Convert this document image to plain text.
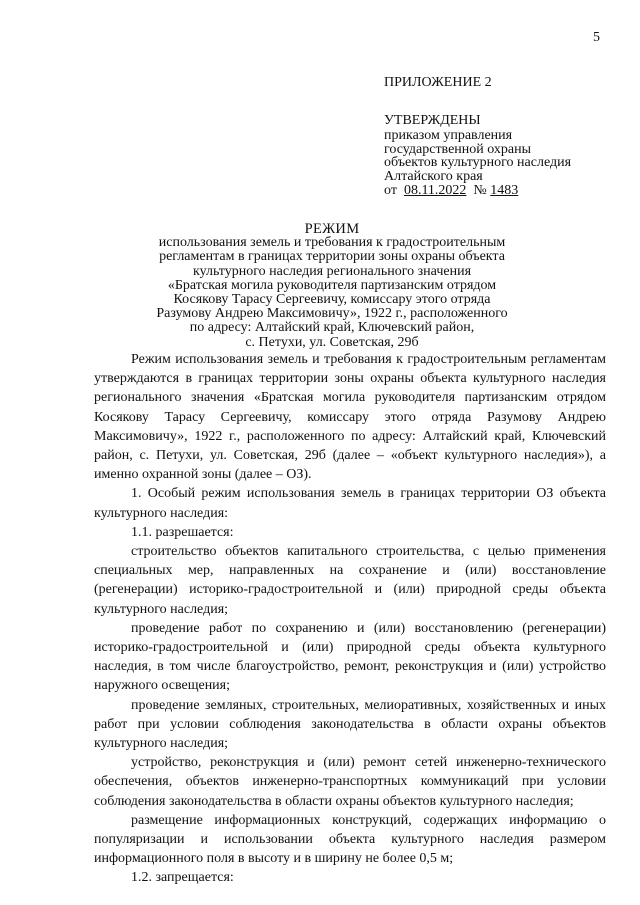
5
ПРИЛОЖЕНИЕ 2
УТВЕРЖДЕНЫ
приказом управления
государственной охраны
объектов культурного наследия
Алтайского края
от 08.11.2022 № 1483
РЕЖИМ
использования земель и требования к градостроительным
регламентам в границах территории зоны охраны объекта
культурного наследия регионального значения
«Братская могила руководителя партизанским отрядом
Косякову Тарасу Сергеевичу, комиссару этого отряда
Разумову Андрею Максимовичу», 1922 г., расположенного
по адресу: Алтайский край, Ключевский район,
с. Петухи, ул. Советская, 29б

Режим использования земель и требования к градостроительным регламентам утверждаются в границах территории зоны охраны объекта культурного наследия регионального значения «Братская могила руководителя партизанским отрядом Косякову Тарасу Сергеевичу, комиссару этого отряда Разумову Андрею Максимовичу», 1922 г., расположенного по адресу: Алтайский край, Ключевский район, с. Петухи, ул. Советская, 29б (далее – «объект культурного наследия»), а именно охранной зоны (далее – ОЗ).

1. Особый режим использования земель в границах территории ОЗ объекта культурного наследия:

1.1. разрешается:

строительство объектов капитального строительства, с целью применения специальных мер, направленных на сохранение и (или) восстановление (регенерации) историко-градостроительной и (или) природной среды объекта культурного наследия;

проведение работ по сохранению и (или) восстановлению (регенерации) историко-градостроительной и (или) природной среды объекта культурного наследия, в том числе благоустройство, ремонт, реконструкция и (или) устройство наружного освещения;

проведение земляных, строительных, мелиоративных, хозяйственных и иных работ при условии соблюдения законодательства в области охраны объектов культурного наследия;

устройство, реконструкция и (или) ремонт сетей инженерно-технического обеспечения, объектов инженерно-транспортных коммуникаций при условии соблюдения законодательства в области охраны объектов культурного наследия;

размещение информационных конструкций, содержащих информацию о популяризации и использовании объекта культурного наследия размером информационного поля в высоту и в ширину не более 0,5 м;

1.2. запрещается:
